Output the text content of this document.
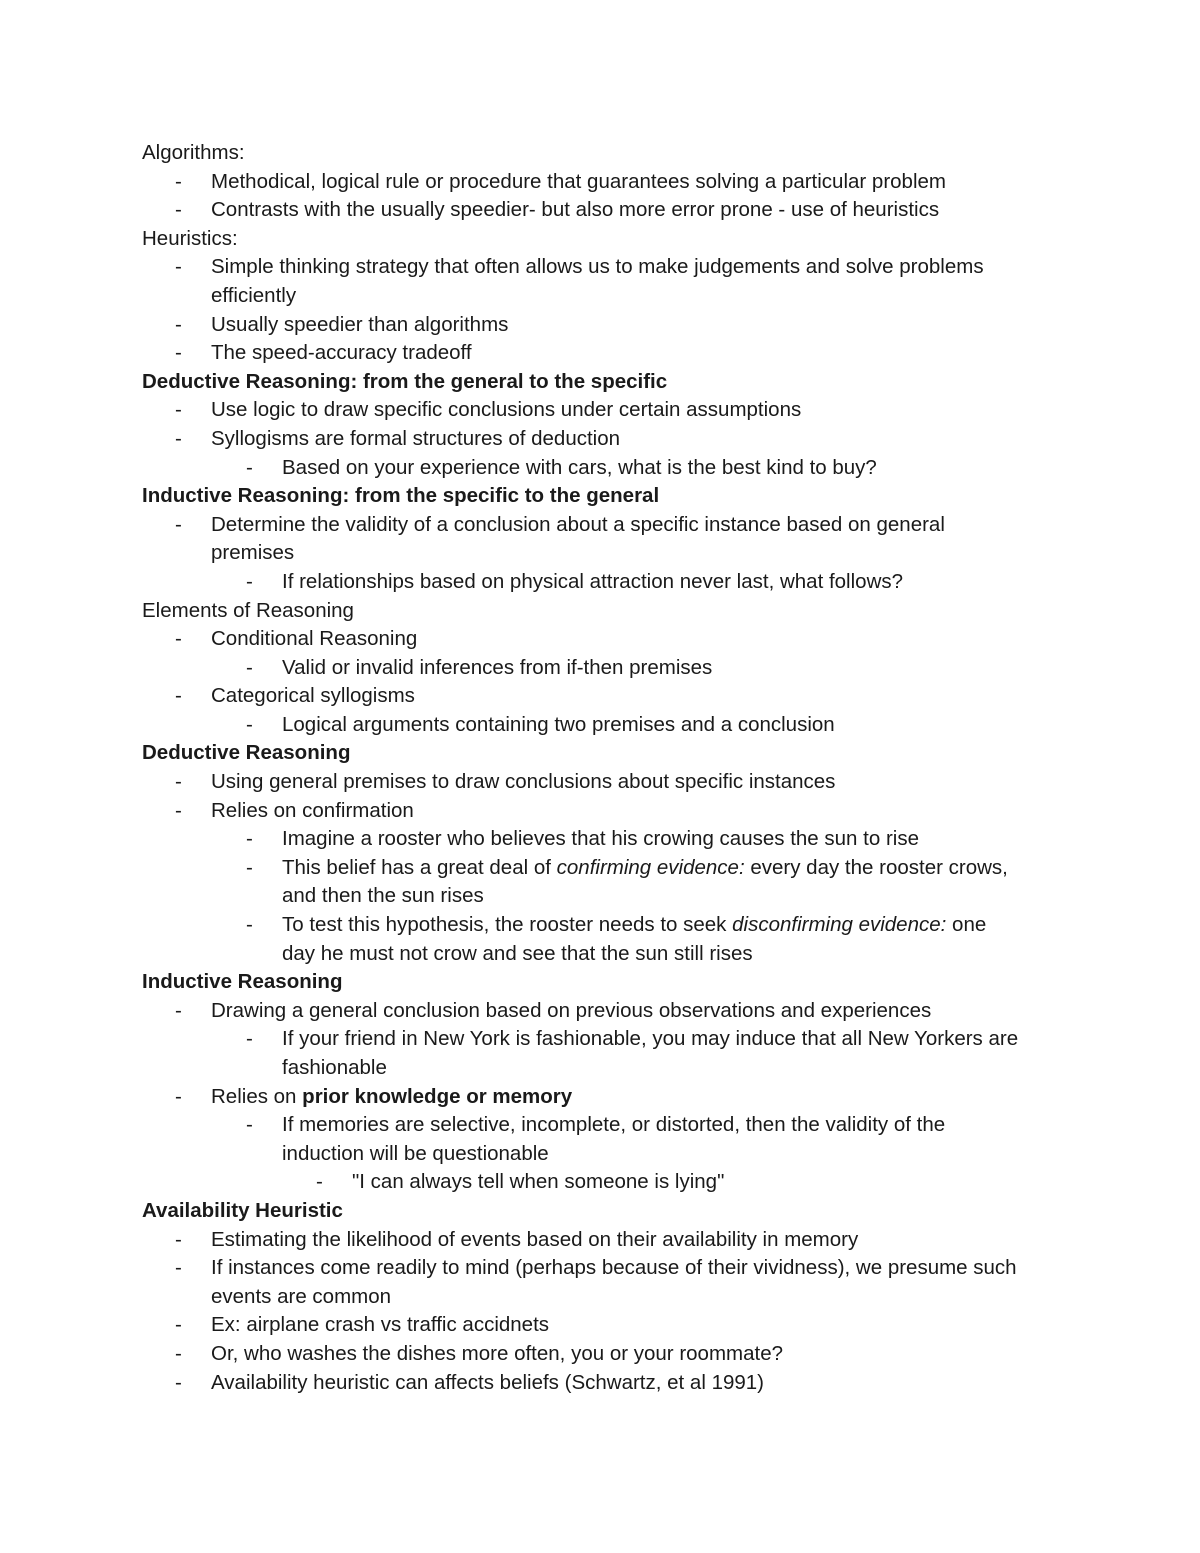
Algorithms:
- Methodical, logical rule or procedure that guarantees solving a particular problem
- Contrasts with the usually speedier- but also more error prone - use of heuristics
Heuristics:
- Simple thinking strategy that often allows us to make judgements and solve problems
efficiently
- Usually speedier than algorithms
- The speed-accuracy tradeoff
Deductive Reasoning: from the general to the specific
- Use logic to draw specific conclusions under certain assumptions
- Syllogisms are formal structures of deduction
- Based on your experience with cars, what is the best kind to buy?
Inductive Reasoning: from the specific to the general
- Determine the validity of a conclusion about a specific instance based on general
premises
- If relationships based on physical attraction never last, what follows?
Elements of Reasoning
- Conditional Reasoning
- Valid or invalid inferences from if-then premises
- Categorical syllogisms
- Logical arguments containing two premises and a conclusion
Deductive Reasoning
- Using general premises to draw conclusions about specific instances
- Relies on confirmation
- Imagine a rooster who believes that his crowing causes the sun to rise
- This belief has a great deal of confirming evidence: every day the rooster crows,
and then the sun rises
- To test this hypothesis, the rooster needs to seek disconfirming evidence: one
day he must not crow and see that the sun still rises
Inductive Reasoning
- Drawing a general conclusion based on previous observations and experiences
- If your friend in New York is fashionable, you may induce that all New Yorkers are
fashionable
- Relies on prior knowledge or memory
- If memories are selective, incomplete, or distorted, then the validity of the
induction will be questionable
- "I can always tell when someone is lying"
Availability Heuristic
- Estimating the likelihood of events based on their availability in memory
- If instances come readily to mind (perhaps because of their vividness), we presume such
events are common
- Ex: airplane crash vs traffic accidnets
- Or, who washes the dishes more often, you or your roommate?
- Availability heuristic can affects beliefs (Schwartz, et al 1991)
